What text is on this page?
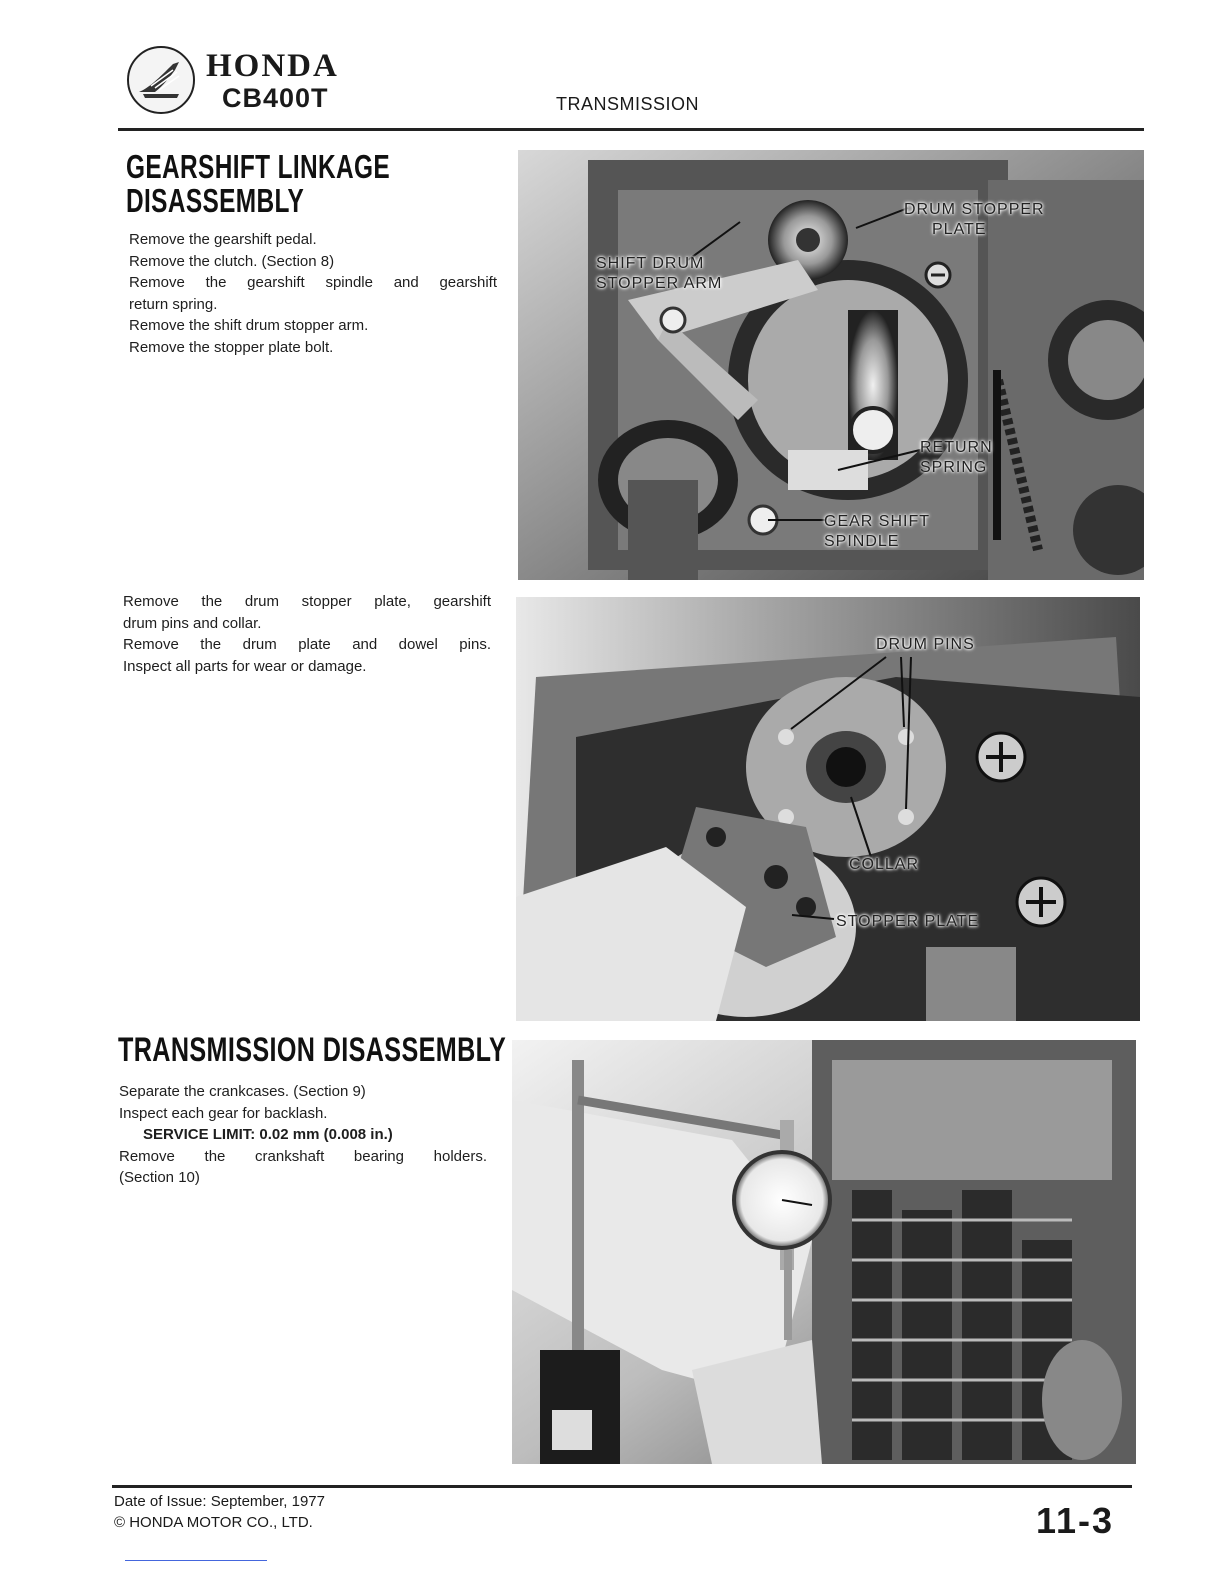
HONDA
CB400T	TRANSMISSION
GEARSHIFT LINKAGE DISASSEMBLY
Remove the gearshift pedal.
Remove the clutch. (Section 8)
Remove the gearshift spindle and gearshift
return spring.
Remove the shift drum stopper arm.
Remove the stopper plate bolt.
DRUM STOPPER
PLATE
SHIFT DRUM
STOPPER ARM
RETURN
SPRING
GEAR SHIFT
SPINDLE
Remove the drum stopper plate, gearshift
drum pins and collar.
Remove the drum plate and dowel pins.
Inspect all parts for wear or damage.
DRUM PINS
COLLAR
STOPPER PLATE
TRANSMISSION DISASSEMBLY
Separate the crankcases. (Section 9)
Inspect each gear for backlash.
SERVICE LIMIT: 0.02 mm (0.008 in.)
Remove the crankshaft bearing holders.
(Section 10)
Date of Issue: September, 1977
© HONDA MOTOR CO., LTD.	11-3
